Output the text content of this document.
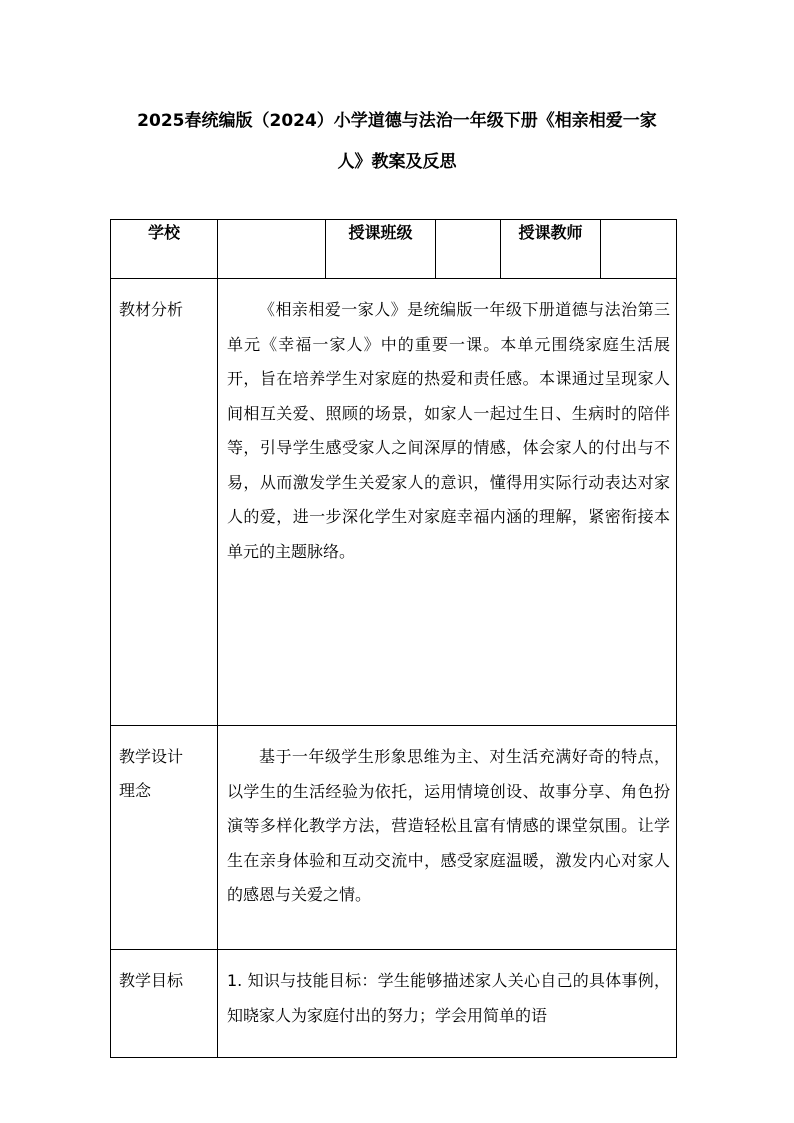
2025春统编版（2024）小学道德与法治一年级下册《相亲相爱一家
人》教案及反思
学校		授课班级		授课教师	
教材分析	《相亲相爱一家人》是统编版一年级下册道德与法治第三单元《幸福一家人》中的重要一课。本单元围绕家庭生活展开，旨在培养学生对家庭的热爱和责任感。本课通过呈现家人间相互关爱、照顾的场景，如家人一起过生日、生病时的陪伴等，引导学生感受家人之间深厚的情感，体会家人的付出与不易，从而激发学生关爱家人的意识，懂得用实际行动表达对家人的爱，进一步深化学生对家庭幸福内涵的理解，紧密衔接本单元的主题脉络。				
教学设计理念	基于一年级学生形象思维为主、对生活充满好奇的特点，以学生的生活经验为依托，运用情境创设、故事分享、角色扮演等多样化教学方法，营造轻松且富有情感的课堂氛围。让学生在亲身体验和互动交流中，感受家庭温暖，激发内心对家人的感恩与关爱之情。				
教学目标	1. 知识与技能目标：学生能够描述家人关心自己的具体事例，知晓家人为家庭付出的努力；学会用简单的语				
